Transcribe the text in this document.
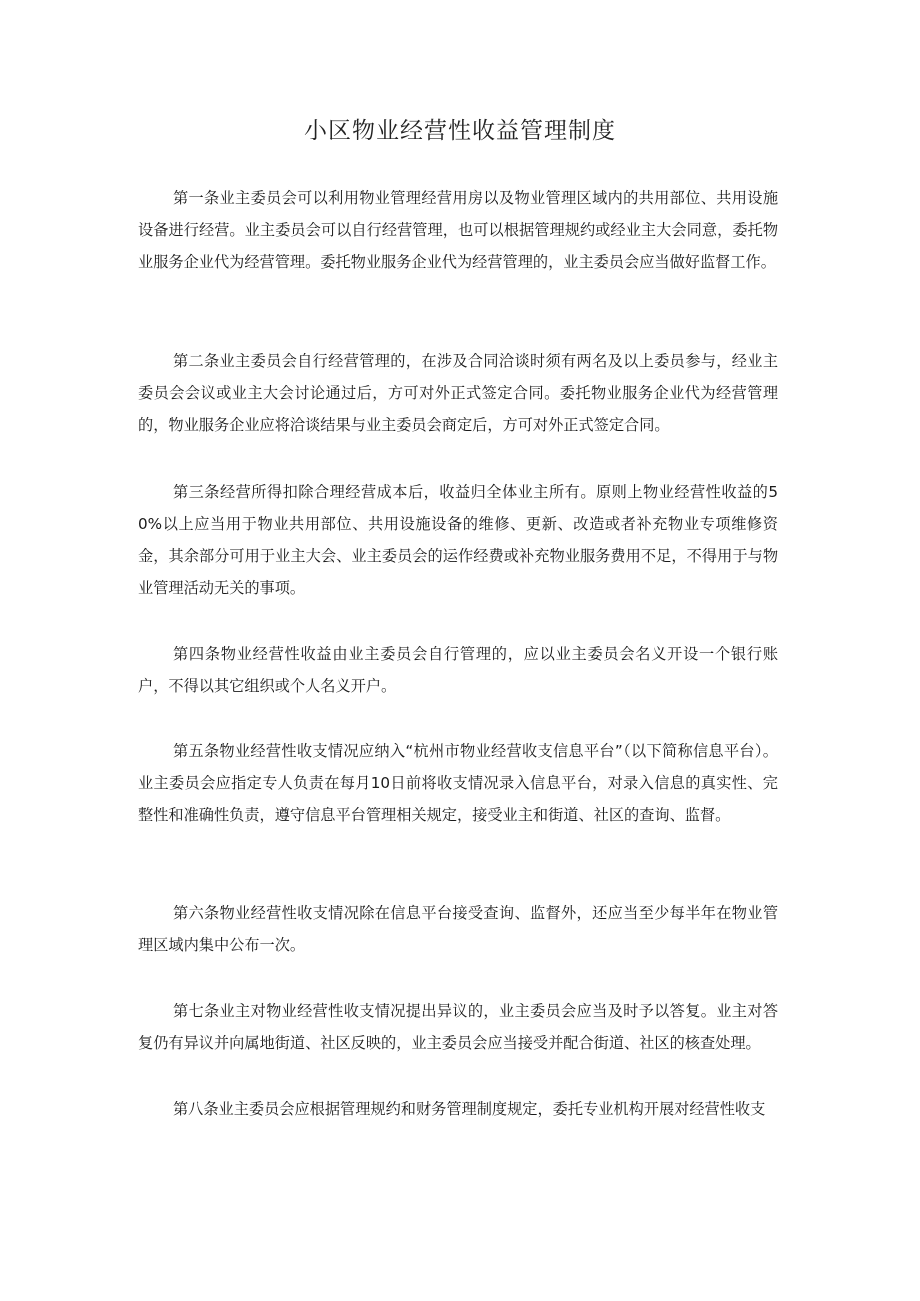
小区物业经营性收益管理制度

第一条业主委员会可以利用物业管理经营用房以及物业管理区域内的共用部位、共用设施设备进行经营。业主委员会可以自行经营管理，也可以根据管理规约或经业主大会同意，委托物业服务企业代为经营管理。委托物业服务企业代为经营管理的，业主委员会应当做好监督工作。

第二条业主委员会自行经营管理的，在涉及合同洽谈时须有两名及以上委员参与，经业主委员会会议或业主大会讨论通过后，方可对外正式签定合同。委托物业服务企业代为经营管理的，物业服务企业应将洽谈结果与业主委员会商定后，方可对外正式签定合同。

第三条经营所得扣除合理经营成本后，收益归全体业主所有。原则上物业经营性收益的50%以上应当用于物业共用部位、共用设施设备的维修、更新、改造或者补充物业专项维修资金，其余部分可用于业主大会、业主委员会的运作经费或补充物业服务费用不足，不得用于与物业管理活动无关的事项。

第四条物业经营性收益由业主委员会自行管理的，应以业主委员会名义开设一个银行账户，不得以其它组织或个人名义开户。

第五条物业经营性收支情况应纳入“杭州市物业经营收支信息平台”（以下简称信息平台）。业主委员会应指定专人负责在每月10日前将收支情况录入信息平台，对录入信息的真实性、完整性和准确性负责，遵守信息平台管理相关规定，接受业主和街道、社区的查询、监督。

第六条物业经营性收支情况除在信息平台接受查询、监督外，还应当至少每半年在物业管理区域内集中公布一次。

第七条业主对物业经营性收支情况提出异议的，业主委员会应当及时予以答复。业主对答复仍有异议并向属地街道、社区反映的，业主委员会应当接受并配合街道、社区的核查处理。

第八条业主委员会应根据管理规约和财务管理制度规定，委托专业机构开展对经营性收支
